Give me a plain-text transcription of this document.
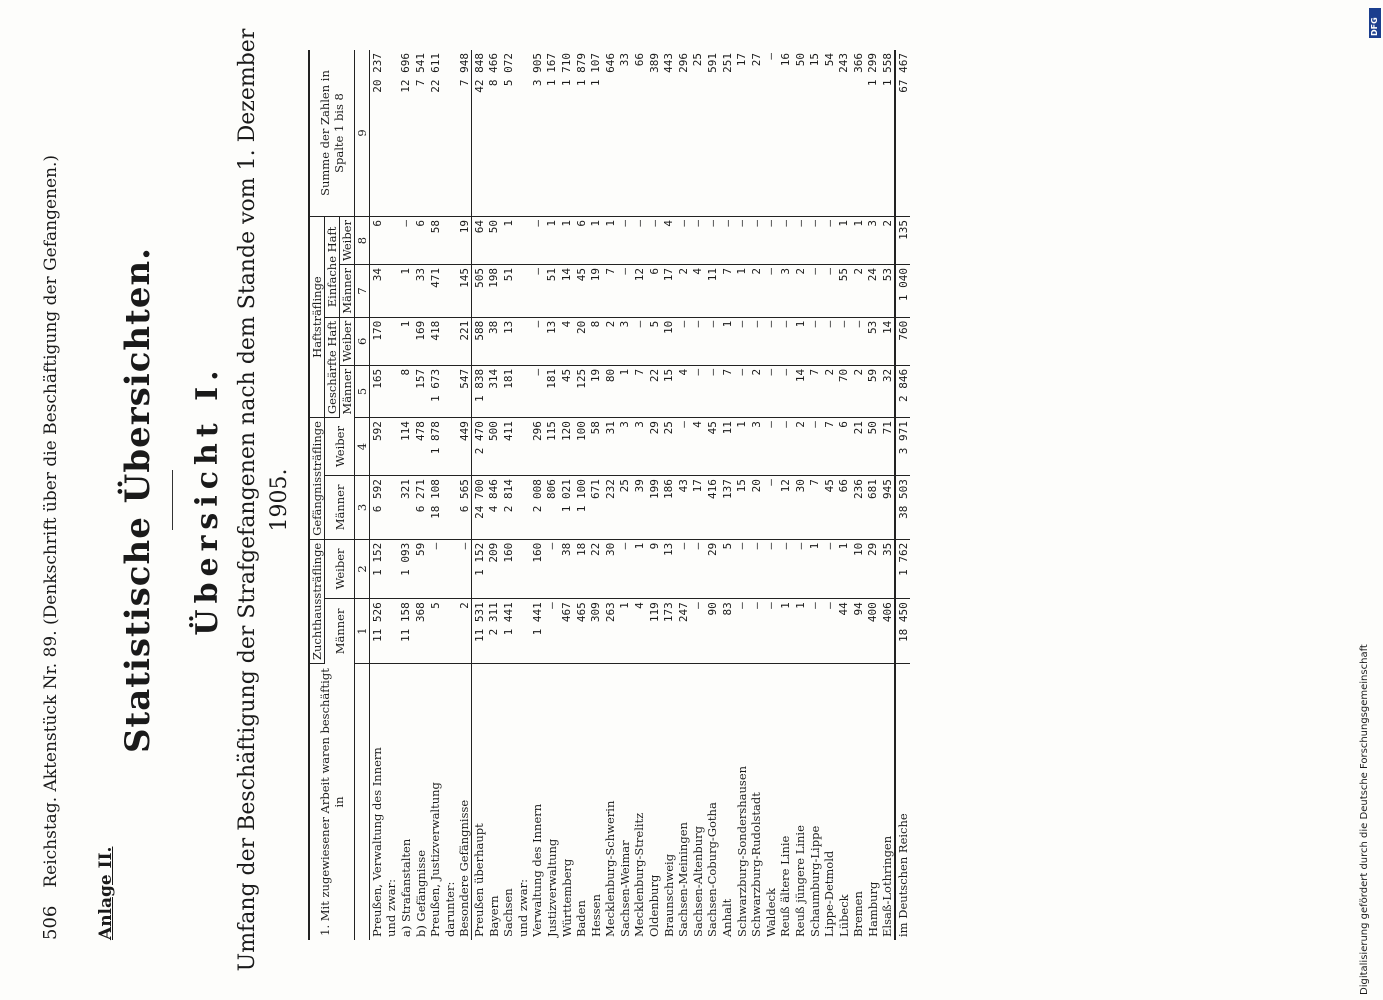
506
Reichstag. Aktenstück Nr. 89. (Denkschrift über die Beschäftigung der Gefangenen.)
Anlage II.
Statistische Übersichten. Übersicht I. Umfang der Beschäftigung der Strafgefangenen nach dem Stande vom 1. Dezember 1905.
1. Mit zugewiesener Arbeit waren beschäftigt in	Zuchthaussträflinge		Gefängnissträflinge		Haftsträflinge				Summe der Zahlen in Spalte 1 bis 8
	Männer	Weiber	Männer	Weiber	Geschärfte Haft		Einfache Haft		
					Männer	Weiber	Männer	Weiber	
	1	2	3	4	5	6	7	8	9
Preußen, Verwaltung des Innern	11 526	1 152	6 592	592	165	170	34	6	20 237
und zwar:									
a) Strafanstalten	11 158	1 093	321	114	8	1	1	—	12 696
b) Gefängnisse	368	59	6 271	478	157	169	33	6	7 541
Preußen, Justizverwaltung	5	—	18 108	1 878	1 673	418	471	58	22 611
darunter:									
Besondere Gefängnisse	2	—	6 565	449	547	221	145	19	7 948
Preußen überhaupt	11 531	1 152	24 700	2 470	1 838	588	505	64	42 848
Bayern	2 311	209	4 846	500	314	38	198	50	8 466
Sachsen	1 441	160	2 814	411	181	13	51	1	5 072
und zwar:									
Verwaltung des Innern	1 441	160	2 008	296	—	—	—	—	3 905
Justizverwaltung	—	—	806	115	181	13	51	1	1 167
Württemberg	467	38	1 021	120	45	4	14	1	1 710
Baden	465	18	1 100	100	125	20	45	6	1 879
Hessen	309	22	671	58	19	8	19	1	1 107
Mecklenburg-Schwerin	263	30	232	31	80	2	7	1	646
Sachsen-Weimar	1	—	25	3	1	3	—	—	33
Mecklenburg-Strelitz	4	1	39	3	7	—	12	—	66
Oldenburg	119	9	199	29	22	5	6	—	389
Braunschweig	173	13	186	25	15	10	17	4	443
Sachsen-Meiningen	247	—	43	—	4	—	2	—	296
Sachsen-Altenburg	—	—	17	4	—	—	4	—	25
Sachsen-Coburg-Gotha	90	29	416	45	—	—	11	—	591
Anhalt	83	5	137	11	7	1	7	—	251
Schwarzburg-Sondershausen	—	—	15	1	—	—	1	—	17
Schwarzburg-Rudolstadt	—	—	20	3	2	—	2	—	27
Waldeck	—	—	—	—	—	—	—	—	—
Reuß ältere Linie	1	—	12	—	—	—	3	—	16
Reuß jüngere Linie	1	—	30	2	14	1	2	—	50
Schaumburg-Lippe	—	1	7	—	7	—	—	—	15
Lippe-Detmold	—	—	45	7	2	—	—	—	54
Lübeck	44	1	66	6	70	—	55	1	243
Bremen	94	10	236	21	2	—	2	1	366
Hamburg	400	29	681	50	59	53	24	3	1 299
Elsaß-Lothringen	406	35	945	71	32	14	53	2	1 558
im Deutschen Reiche	18 450	1 762	38 503	3 971	2 846	760	1 040	135	67 467
Digitalisierung gefördert durch die Deutsche Forschungsgemeinschaft
DFG
